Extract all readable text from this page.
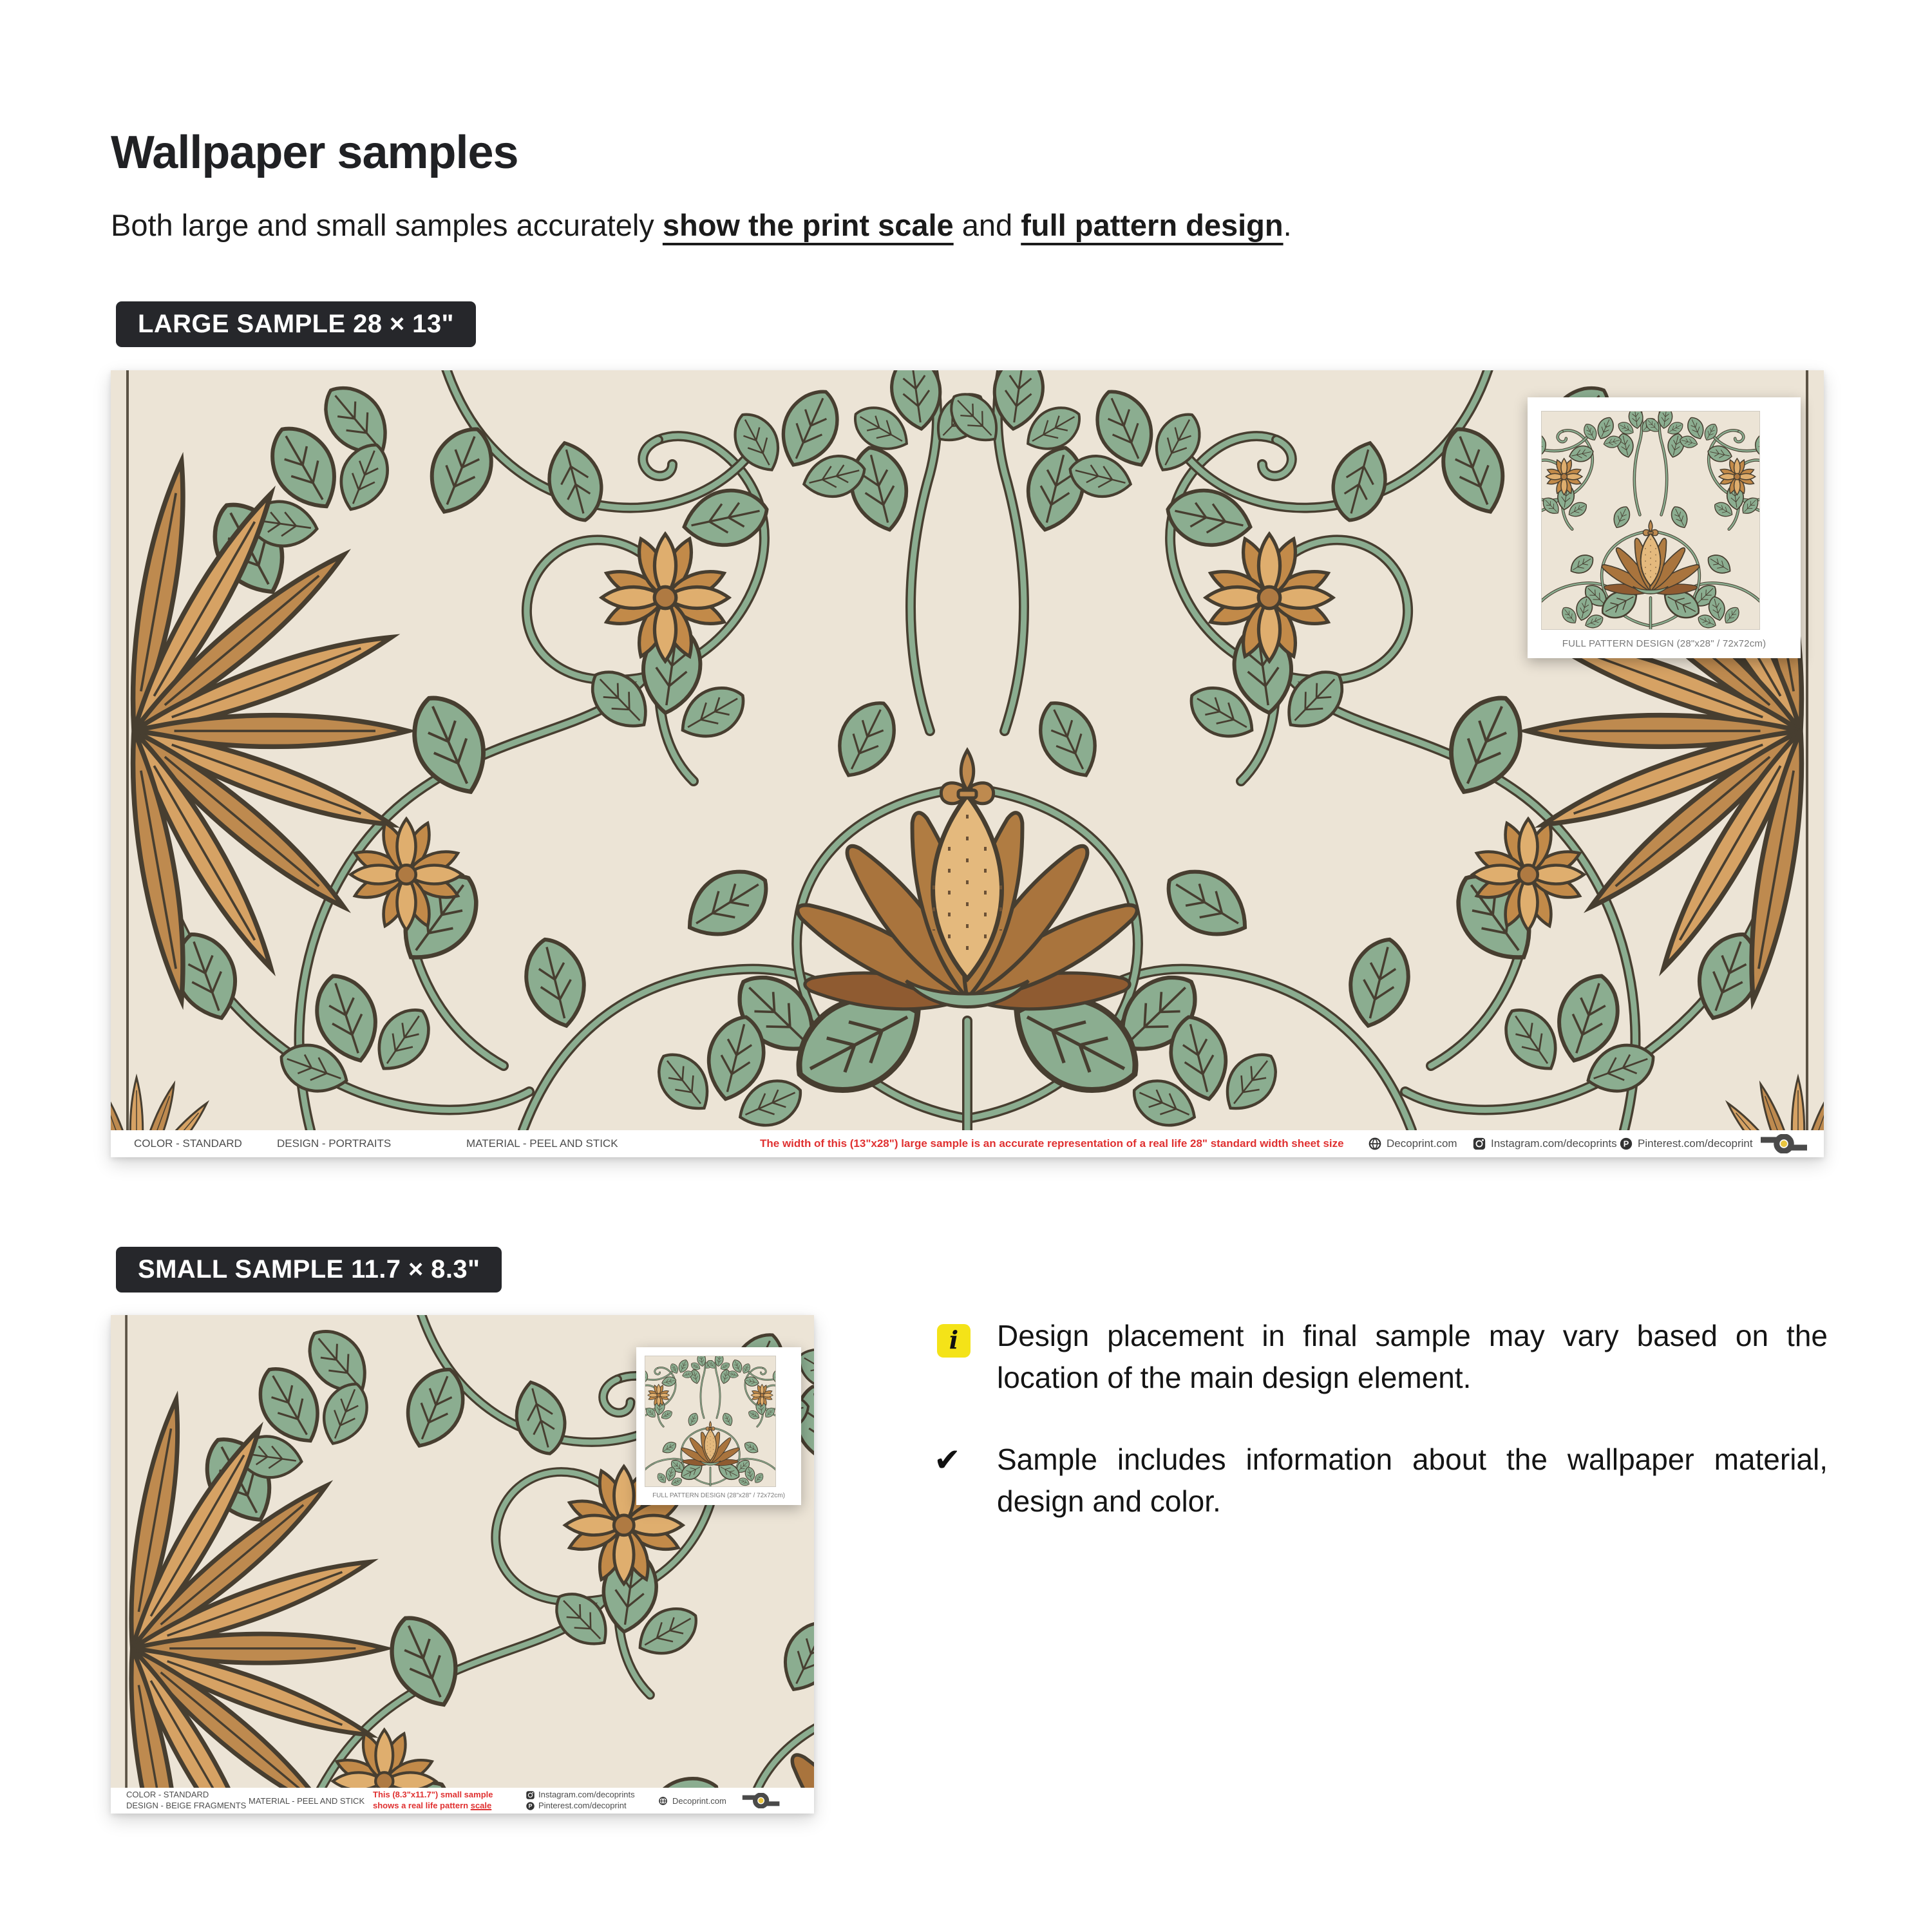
Wallpaper samples
Both large and small samples accurately show the print scale and full pattern design.
LARGE SAMPLE 28 × 13"
FULL PATTERN DESIGN (28"x28" / 72x72cm)
COLOR - STANDARD	DESIGN - PORTRAITS	MATERIAL - PEEL AND STICK	The width of this (13"x28") large sample is an accurate representation of a real life 28" standard width sheet size	Decoprint.com	Instagram.com/decoprints P Pinterest.com/decoprint
SMALL SAMPLE 11.7 × 8.3"
FULL PATTERN DESIGN (28"x28" / 72x72cm)
COLOR - STANDARD
DESIGN - BEIGE FRAGMENTS MATERIAL - PEEL AND STICK
This (8.3"x11.7") small sample
shows a real life pattern scale
Instagram.com/decoprints
P Pinterest.com/decoprint
Decoprint.com
i	Design placement in final sample may vary based on the location of the main design element.
✔ Sample includes information about the wallpaper material, design and color.
